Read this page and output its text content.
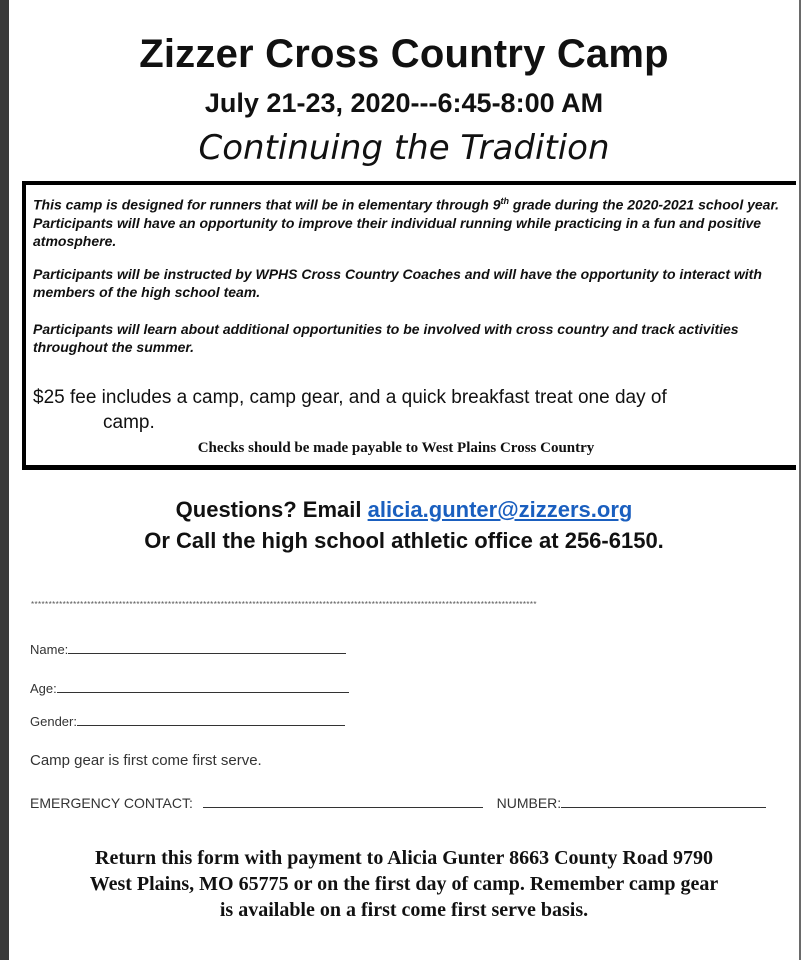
Zizzer Cross Country Camp
July 21-23, 2020---6:45-8:00 AM
Continuing the Tradition

This camp is designed for runners that will be in elementary through 9th grade during the 2020-2021 school year. Participants will have an opportunity to improve their individual running while practicing in a fun and positive atmosphere.

Participants will be instructed by WPHS Cross Country Coaches and will have the opportunity to interact with members of the high school team.

Participants will learn about additional opportunities to be involved with cross country and track activities throughout the summer.

$25 fee includes a camp, camp gear, and a quick breakfast treat one day of
camp.
Checks should be made payable to West Plains Cross Country
Questions? Email alicia.gunter@zizzers.org
Or Call the high school athletic office at 256-6150.
************************************************************************************************************************************************
Name:
Age:
Gender:
Camp gear is first come first serve.
EMERGENCY CONTACT:	NUMBER:
Return this form with payment to Alicia Gunter 8663 County Road 9790
West Plains, MO 65775 or on the first day of camp. Remember camp gear
is available on a first come first serve basis.
